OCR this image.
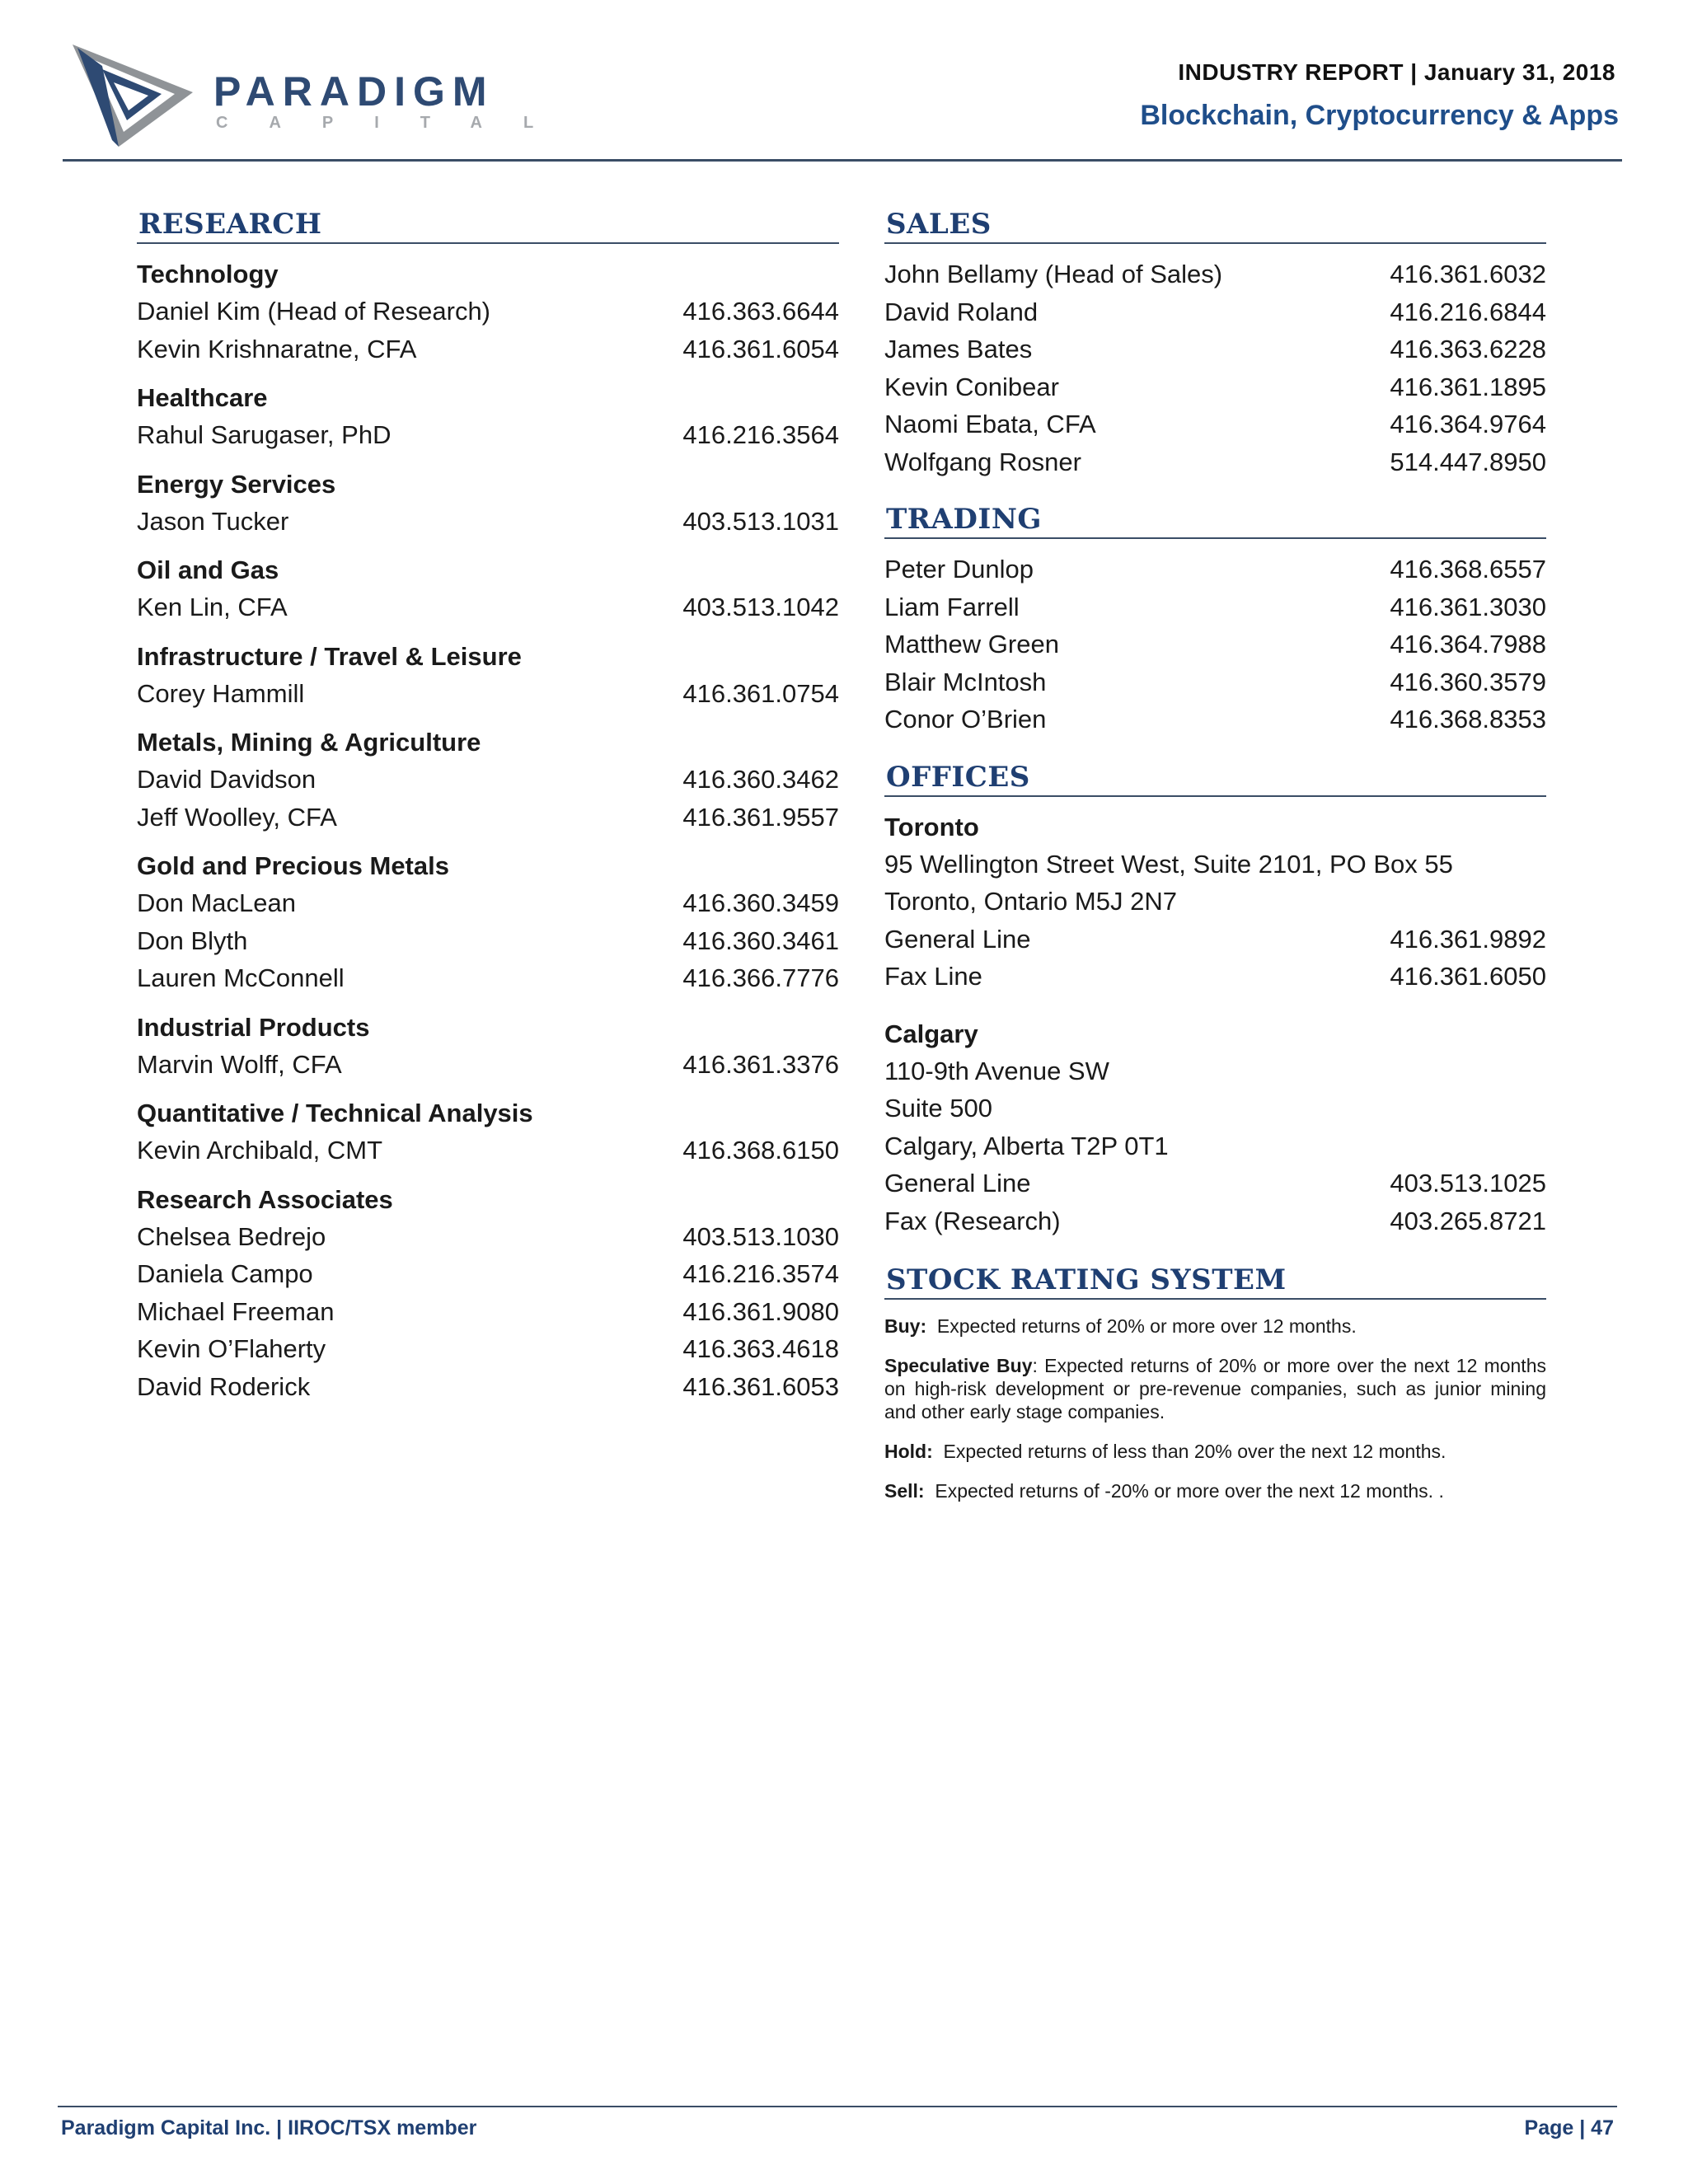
PARADIGM
CAPITAL
INDUSTRY REPORT | January 31, 2018
Blockchain, Cryptocurrency & Apps
RESEARCH
Technology
Daniel Kim (Head of Research)	416.363.6644
Kevin Krishnaratne, CFA	416.361.6054
Healthcare
Rahul Sarugaser, PhD	416.216.3564
Energy Services
Jason Tucker	403.513.1031
Oil and Gas
Ken Lin, CFA	403.513.1042
Infrastructure / Travel & Leisure
Corey Hammill	416.361.0754
Metals, Mining & Agriculture
David Davidson	416.360.3462
Jeff Woolley, CFA	416.361.9557
Gold and Precious Metals
Don MacLean	416.360.3459
Don Blyth	416.360.3461
Lauren McConnell	416.366.7776
Industrial Products
Marvin Wolff, CFA	416.361.3376
Quantitative / Technical Analysis
Kevin Archibald, CMT	416.368.6150
Research Associates
Chelsea Bedrejo	403.513.1030
Daniela Campo	416.216.3574
Michael Freeman	416.361.9080
Kevin O’Flaherty	416.363.4618
David Roderick	416.361.6053
SALES
John Bellamy (Head of Sales)	416.361.6032
David Roland	416.216.6844
James Bates	416.363.6228
Kevin Conibear	416.361.1895
Naomi Ebata, CFA	416.364.9764
Wolfgang Rosner	514.447.8950
TRADING
Peter Dunlop	416.368.6557
Liam Farrell	416.361.3030
Matthew Green	416.364.7988
Blair McIntosh	416.360.3579
Conor O’Brien	416.368.8353
OFFICES
Toronto
95 Wellington Street West, Suite 2101, PO Box 55
Toronto, Ontario M5J 2N7
General Line	416.361.9892
Fax Line	416.361.6050
Calgary
110-9th Avenue SW
Suite 500
Calgary, Alberta T2P 0T1
General Line	403.513.1025
Fax (Research)	403.265.8721
STOCK RATING SYSTEM
Buy: Expected returns of 20% or more over 12 months.
Speculative Buy: Expected returns of 20% or more over the next 12 months on high-risk development or pre-revenue companies, such as junior mining and other early stage companies.
Hold: Expected returns of less than 20% over the next 12 months.
Sell: Expected returns of -20% or more over the next 12 months. .
Paradigm Capital Inc. | IIROC/TSX member	Page | 47
